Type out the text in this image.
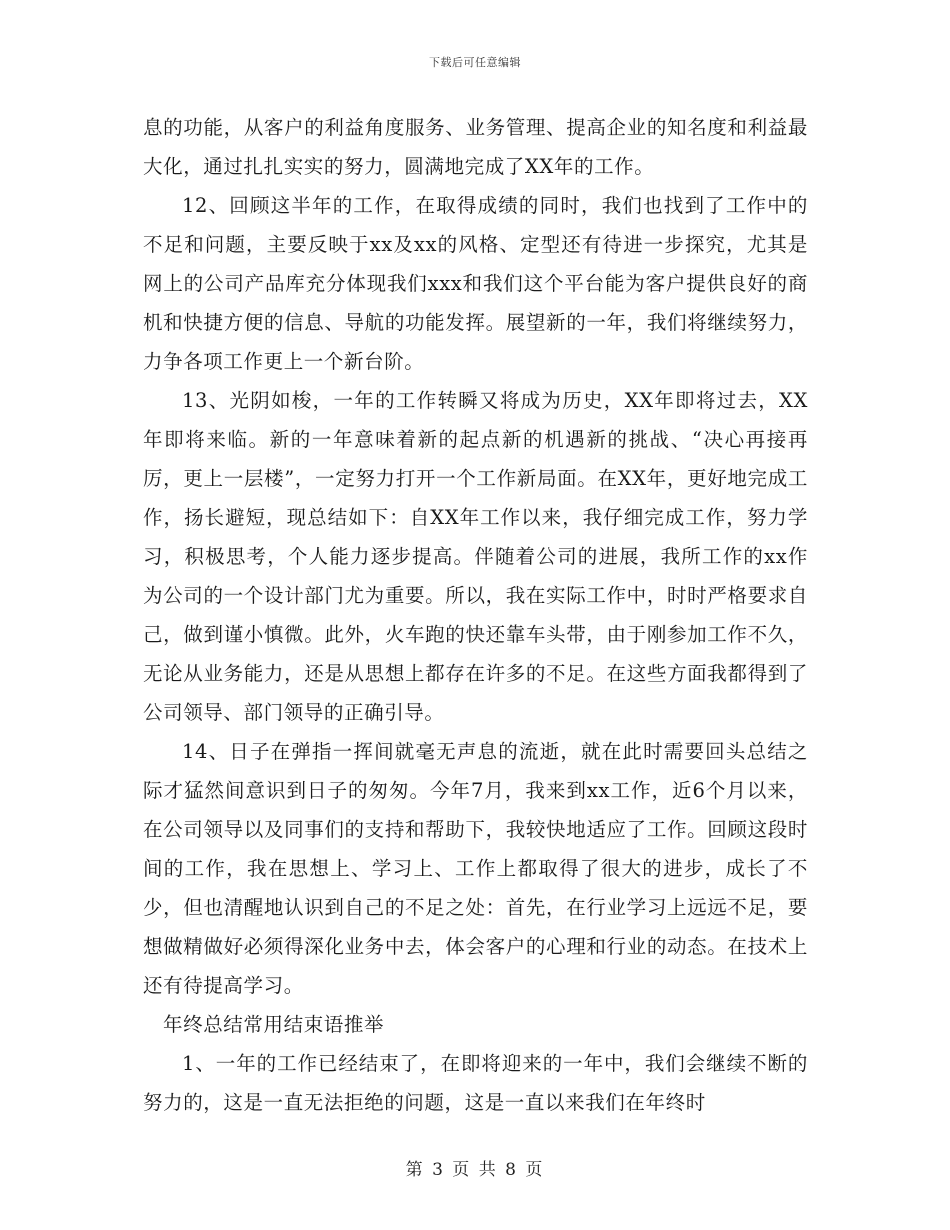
下载后可任意编辑

息的功能，从客户的利益角度服务、业务管理、提高企业的知名度和利益最大化，通过扎扎实实的努力，圆满地完成了XX年的工作。

12、回顾这半年的工作，在取得成绩的同时，我们也找到了工作中的不足和问题，主要反映于xx及xx的风格、定型还有待进一步探究，尤其是网上的公司产品库充分体现我们xxx和我们这个平台能为客户提供良好的商机和快捷方便的信息、导航的功能发挥。展望新的一年，我们将继续努力，力争各项工作更上一个新台阶。

13、光阴如梭，一年的工作转瞬又将成为历史，XX年即将过去，XX年即将来临。新的一年意味着新的起点新的机遇新的挑战、“决心再接再厉，更上一层楼”，一定努力打开一个工作新局面。在XX年，更好地完成工作，扬长避短，现总结如下：自XX年工作以来，我仔细完成工作，努力学习，积极思考，个人能力逐步提高。伴随着公司的进展，我所工作的xx作为公司的一个设计部门尤为重要。所以，我在实际工作中，时时严格要求自己，做到谨小慎微。此外，火车跑的快还靠车头带，由于刚参加工作不久，无论从业务能力，还是从思想上都存在许多的不足。在这些方面我都得到了公司领导、部门领导的正确引导。

14、日子在弹指一挥间就毫无声息的流逝，就在此时需要回头总结之际才猛然间意识到日子的匆匆。今年7月，我来到xx工作，近6个月以来，在公司领导以及同事们的支持和帮助下，我较快地适应了工作。回顾这段时间的工作，我在思想上、学习上、工作上都取得了很大的进步，成长了不少，但也清醒地认识到自己的不足之处：首先，在行业学习上远远不足，要想做精做好必须得深化业务中去，体会客户的心理和行业的动态。在技术上还有待提高学习。

年终总结常用结束语推举

1、一年的工作已经结束了，在即将迎来的一年中，我们会继续不断的努力的，这是一直无法拒绝的问题，这是一直以来我们在年终时

第 3 页 共 8 页
